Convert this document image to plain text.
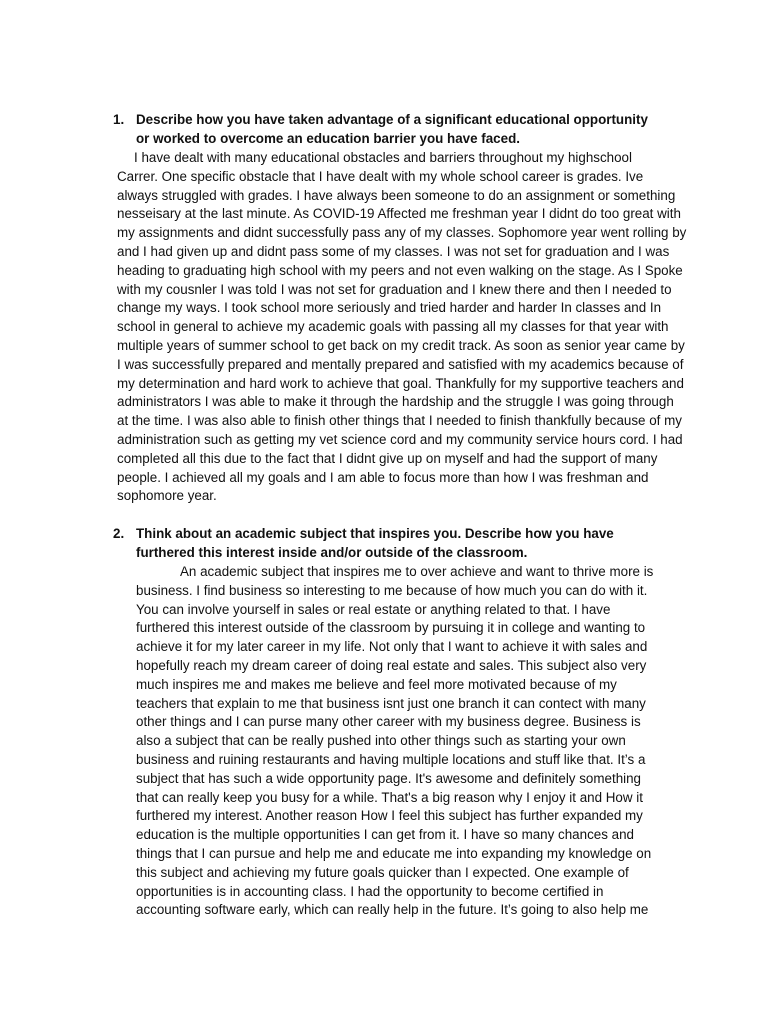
1. Describe how you have taken advantage of a significant educational opportunity
or worked to overcome an education barrier you have faced.
I have dealt with many educational obstacles and barriers throughout my highschool
Carrer. One specific obstacle that I have dealt with my whole school career is grades. Ive
always struggled with grades. I have always been someone to do an assignment or something
nesseisary at the last minute. As COVID-19 Affected me freshman year I didnt do too great with
my assignments and didnt successfully pass any of my classes. Sophomore year went rolling by
and I had given up and didnt pass some of my classes. I was not set for graduation and I was
heading to graduating high school with my peers and not even walking on the stage. As I Spoke
with my cousnler I was told I was not set for graduation and I knew there and then I needed to
change my ways. I took school more seriously and tried harder and harder In classes and In
school in general to achieve my academic goals with passing all my classes for that year with
multiple years of summer school to get back on my credit track. As soon as senior year came by
I was successfully prepared and mentally prepared and satisfied with my academics because of
my determination and hard work to achieve that goal. Thankfully for my supportive teachers and
administrators I was able to make it through the hardship and the struggle I was going through
at the time. I was also able to finish other things that I needed to finish thankfully because of my
administration such as getting my vet science cord and my community service hours cord. I had
completed all this due to the fact that I didnt give up on myself and had the support of many
people. I achieved all my goals and I am able to focus more than how I was freshman and
sophomore year.
2. Think about an academic subject that inspires you. Describe how you have
furthered this interest inside and/or outside of the classroom.
An academic subject that inspires me to over achieve and want to thrive more is
business. I find business so interesting to me because of how much you can do with it.
You can involve yourself in sales or real estate or anything related to that. I have
furthered this interest outside of the classroom by pursuing it in college and wanting to
achieve it for my later career in my life. Not only that I want to achieve it with sales and
hopefully reach my dream career of doing real estate and sales. This subject also very
much inspires me and makes me believe and feel more motivated because of my
teachers that explain to me that business isnt just one branch it can contect with many
other things and I can purse many other career with my business degree. Business is
also a subject that can be really pushed into other things such as starting your own
business and ruining restaurants and having multiple locations and stuff like that. It’s a
subject that has such a wide opportunity page. It's awesome and definitely something
that can really keep you busy for a while. That's a big reason why I enjoy it and How it
furthered my interest. Another reason How I feel this subject has further expanded my
education is the multiple opportunities I can get from it. I have so many chances and
things that I can pursue and help me and educate me into expanding my knowledge on
this subject and achieving my future goals quicker than I expected. One example of
opportunities is in accounting class. I had the opportunity to become certified in
accounting software early, which can really help in the future. It’s going to also help me
